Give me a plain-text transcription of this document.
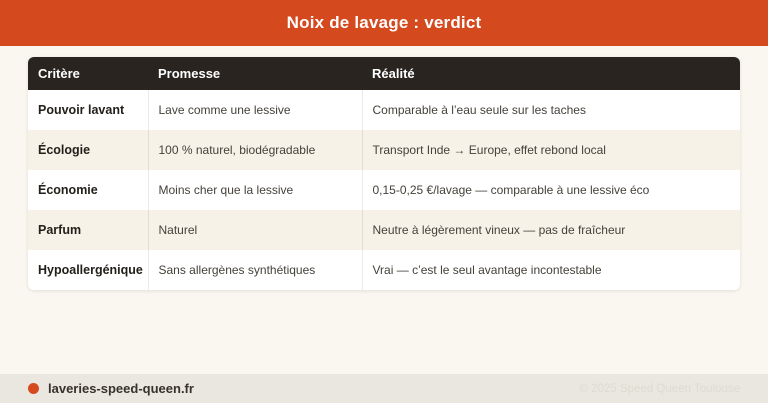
Noix de lavage : verdict
Critère	Promesse	Réalité
Pouvoir lavant	Lave comme une lessive	Comparable à l’eau seule sur les taches
Écologie	100 % naturel, biodégradable	Transport Inde → Europe, effet rebond local
Économie	Moins cher que la lessive	0,15-0,25 €/lavage — comparable à une lessive éco
Parfum	Naturel	Neutre à légèrement vineux — pas de fraîcheur
Hypoallergénique	Sans allergènes synthétiques	Vrai — c’est le seul avantage incontestable
laveries-speed-queen.fr	© 2025 Speed Queen Toulouse
